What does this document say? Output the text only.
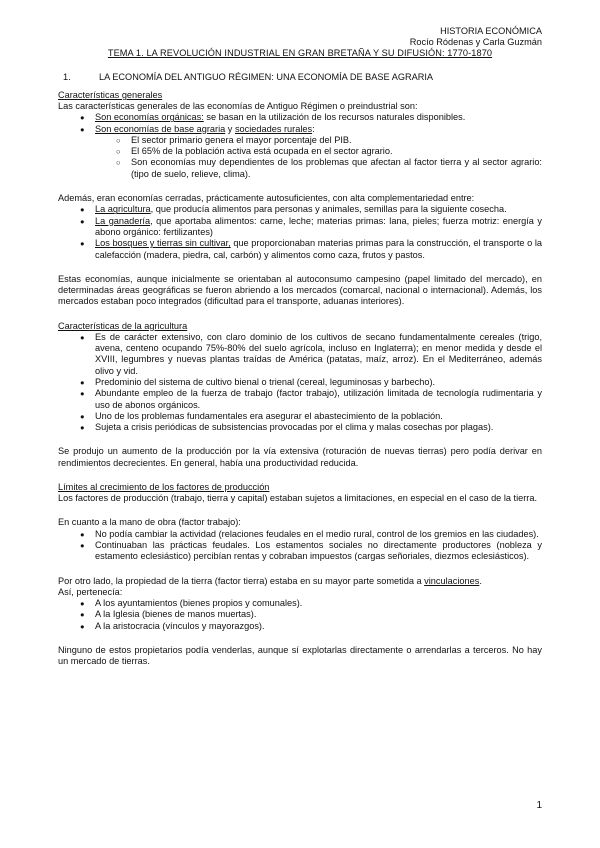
HISTORIA ECONÓMICA
Rocío Ródenas y Carla Guzmán
TEMA 1. LA REVOLUCIÓN INDUSTRIAL EN GRAN BRETAÑA Y SU DIFUSIÓN: 1770-1870
1.	LA ECONOMÍA DEL ANTIGUO RÉGIMEN: UNA ECONOMÍA DE BASE AGRARIA
Características generales

Las características generales de las economías de Antiguo Régimen o preindustrial son:

● Son economías orgánicas: se basan en la utilización de los recursos naturales disponibles.
● Son economías de base agraria y sociedades rurales:
○ El sector primario genera el mayor porcentaje del PIB.
○ El 65% de la población activa está ocupada en el sector agrario.
○ Son economías muy dependientes de los problemas que afectan al factor tierra y al sector agrario: (tipo de suelo, relieve, clima).

Además, eran economías cerradas, prácticamente autosuficientes, con alta complementariedad entre:

● La agricultura, que producía alimentos para personas y animales, semillas para la siguiente cosecha.
● La ganadería, que aportaba alimentos: carne, leche; materias primas: lana, pieles; fuerza motriz: energía y abono orgánico: fertilizantes)
● Los bosques y tierras sin cultivar, que proporcionaban materias primas para la construcción, el transporte o la calefacción (madera, piedra, cal, carbón) y alimentos como caza, frutos y pastos.

Estas economías, aunque inicialmente se orientaban al autoconsumo campesino (papel limitado del mercado), en determinadas áreas geográficas se fueron abriendo a los mercados (comarcal, nacional o internacional). Además, los mercados estaban poco integrados (dificultad para el transporte, aduanas interiores).

Características de la agricultura
● Es de carácter extensivo, con claro dominio de los cultivos de secano fundamentalmente cereales (trigo, avena, centeno ocupando 75%-80% del suelo agrícola, incluso en Inglaterra); en menor medida y desde el XVIII, legumbres y nuevas plantas traídas de América (patatas, maíz, arroz). En el Mediterráneo, además olivo y vid.
● Predominio del sistema de cultivo bienal o trienal (cereal, leguminosas y barbecho).
● Abundante empleo de la fuerza de trabajo (factor trabajo), utilización limitada de tecnología rudimentaria y uso de abonos orgánicos.
● Uno de los problemas fundamentales era asegurar el abastecimiento de la población.
● Sujeta a crisis periódicas de subsistencias provocadas por el clima y malas cosechas por plagas).

Se produjo un aumento de la producción por la vía extensiva (roturación de nuevas tierras) pero podía derivar en rendimientos decrecientes. En general, había una productividad reducida.

Límites al crecimiento de los factores de producción

Los factores de producción (trabajo, tierra y capital) estaban sujetos a limitaciones, en especial en el caso de la tierra.

En cuanto a la mano de obra (factor trabajo):

● No podía cambiar la actividad (relaciones feudales en el medio rural, control de los gremios en las ciudades).
● Continuaban las prácticas feudales. Los estamentos sociales no directamente productores (nobleza y estamento eclesiástico) percibían rentas y cobraban impuestos (cargas señoriales, diezmos eclesiásticos).

Por otro lado, la propiedad de la tierra (factor tierra) estaba en su mayor parte sometida a vinculaciones.

Así, pertenecía:

● A los ayuntamientos (bienes propios y comunales).
● A la Iglesia (bienes de manos muertas).
● A la aristocracia (vínculos y mayorazgos).

Ninguno de estos propietarios podía venderlas, aunque sí explotarlas directamente o arrendarlas a terceros. No hay un mercado de tierras.

1
